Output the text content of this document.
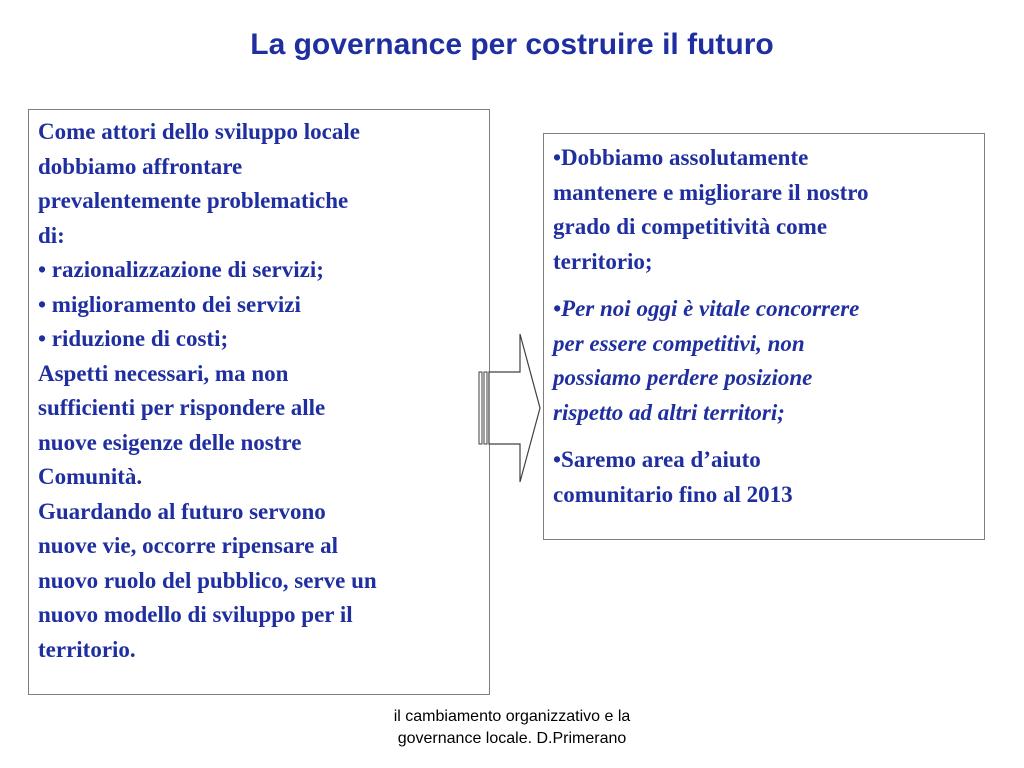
La governance per costruire il futuro
Come attori dello sviluppo locale
dobbiamo affrontare
prevalentemente problematiche
di:
• razionalizzazione di servizi;
• miglioramento dei servizi
• riduzione di costi;
Aspetti necessari, ma non
sufficienti per rispondere alle
nuove esigenze delle nostre
Comunità.
Guardando al futuro servono
nuove vie, occorre ripensare al
nuovo ruolo del pubblico, serve un
nuovo modello di sviluppo per il
territorio.
•Dobbiamo assolutamente
mantenere e migliorare il nostro
grado di competitività come
territorio;
•Per noi oggi è vitale concorrere
per essere competitivi, non
possiamo perdere posizione
rispetto ad altri territori;
•Saremo area d’aiuto
comunitario fino al 2013
il cambiamento organizzativo e la
governance locale. D.Primerano
